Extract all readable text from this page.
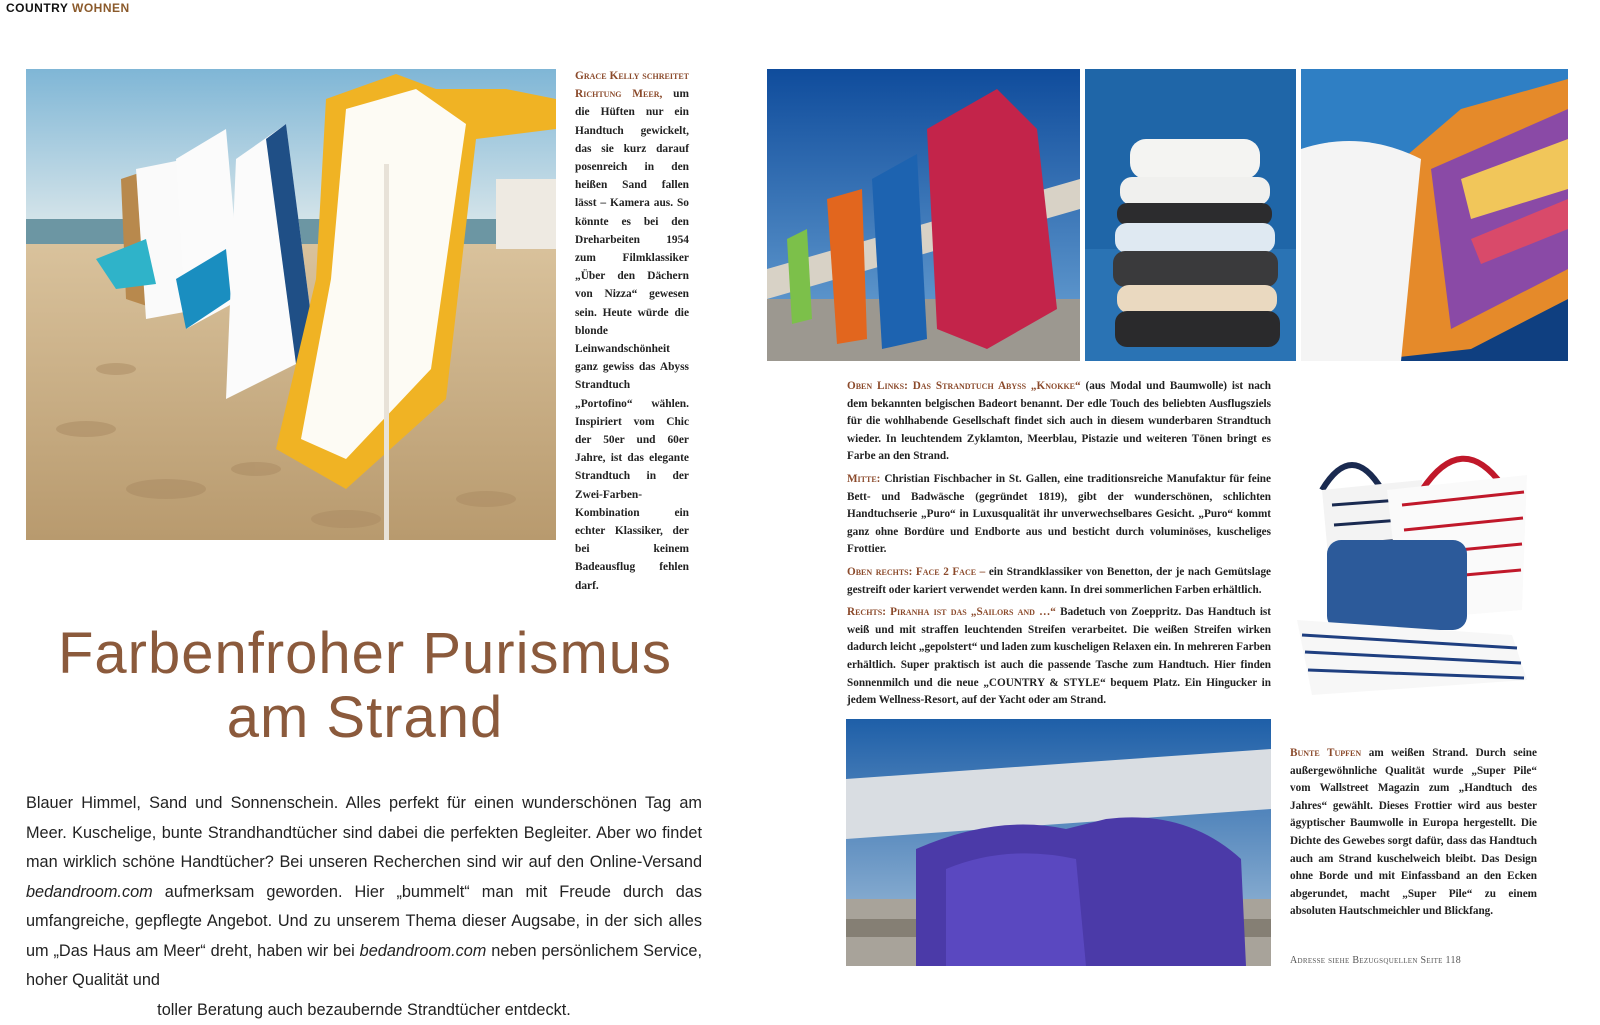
COUNTRY WOHNEN
Grace Kelly schreitet Richtung Meer, um die Hüften nur ein Handtuch gewickelt, das sie kurz darauf posenreich in den heißen Sand fallen lässt – Kamera aus. So könnte es bei den Dreharbeiten 1954 zum Filmklassiker „Über den Dächern von Nizza“ gewesen sein. Heute würde die blonde Leinwandschönheit ganz gewiss das Abyss Strandtuch „Portofino“ wählen. Inspiriert vom Chic der 50er und 60er Jahre, ist das elegante Strandtuch in der Zwei-Farben-Kombination ein echter Klassiker, der bei keinem Badeausflug fehlen darf.
Farbenfroher Purismus
am Strand
Blauer Himmel, Sand und Sonnenschein. Alles perfekt für einen wunderschönen Tag am Meer. Kuschelige, bunte Strandhandtücher sind dabei die perfekten Begleiter. Aber wo findet man wirklich schöne Handtücher? Bei unseren Recherchen sind wir auf den Online-Versand bedandroom.com aufmerksam geworden. Hier „bummelt“ man mit Freude durch das umfangreiche, gepflegte Angebot. Und zu unserem Thema dieser Augsabe, in der sich alles um „Das Haus am Meer“ dreht, haben wir bei bedandroom.com neben persönlichem Service, hoher Qualität und
toller Beratung auch bezaubernde Strandtücher entdeckt.

Oben Links: Das Strandtuch Abyss „Knokke“ (aus Modal und Baumwolle) ist nach dem bekannten belgischen Badeort benannt. Der edle Touch des beliebten Ausflugsziels für die wohlhabende Gesellschaft findet sich auch in diesem wunderbaren Strandtuch wieder. In leuchtendem Zyklamton, Meerblau, Pistazie und weiteren Tönen bringt es Farbe an den Strand.

Mitte: Christian Fischbacher in St. Gallen, eine traditionsreiche Manufaktur für feine Bett- und Badwäsche (gegründet 1819), gibt der wunderschönen, schlichten Handtuchserie „Puro“ in Luxusqualität ihr unverwechselbares Gesicht. „Puro“ kommt ganz ohne Bordüre und Endborte aus und besticht durch voluminöses, kuscheliges Frottier.

Oben rechts: Face 2 Face – ein Strandklassiker von Benetton, der je nach Gemütslage gestreift oder kariert verwendet werden kann. In drei sommerlichen Farben erhältlich.

Rechts: Piranha ist das „Sailors and …“ Badetuch von Zoeppritz. Das Handtuch ist weiß und mit straffen leuchtenden Streifen verarbeitet. Die weißen Streifen wirken dadurch leicht „gepolstert“ und laden zum kuscheligen Relaxen ein. In mehreren Farben erhältlich. Super praktisch ist auch die passende Tasche zum Handtuch. Hier finden Sonnenmilch und die neue „COUNTRY & STYLE“ bequem Platz. Ein Hingucker in jedem Wellness-Resort, auf der Yacht oder am Strand.

Bunte Tupfen am weißen Strand. Durch seine außergewöhnliche Qualität wurde „Super Pile“ vom Wallstreet Magazin zum „Handtuch des Jahres“ gewählt. Dieses Frottier wird aus bester ägyptischer Baumwolle in Europa hergestellt. Die Dichte des Gewebes sorgt dafür, dass das Handtuch auch am Strand kuschelweich bleibt. Das Design ohne Borde und mit Einfassband an den Ecken abgerundet, macht „Super Pile“ zu einem absoluten Hautschmeichler und Blickfang.
Adresse siehe Bezugsquellen Seite 118
